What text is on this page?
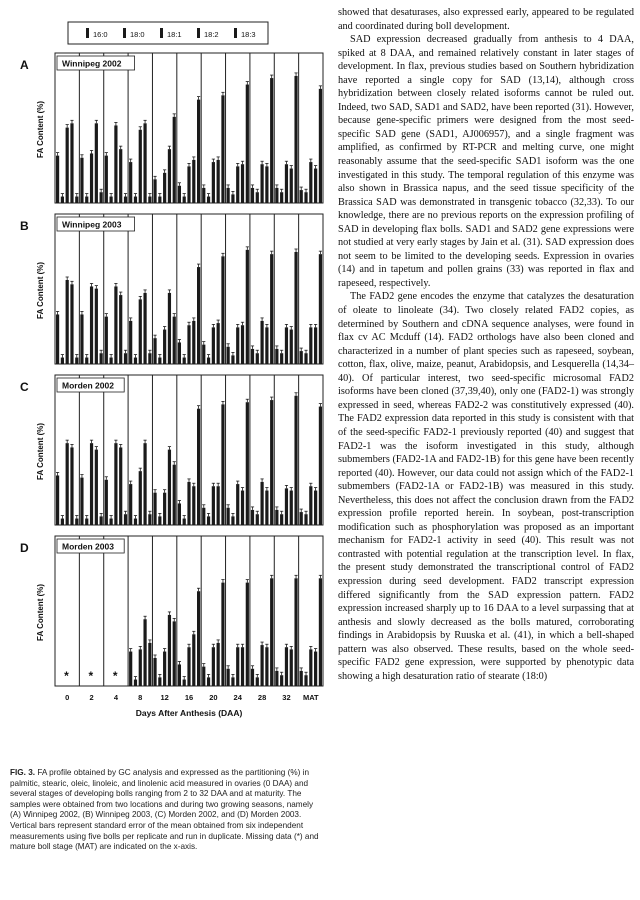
16:0	18:0	18:1	18:2	18:3
A	Winnipeg 2002
B	Winnipeg 2003
C	Morden 2002
D	Morden 2003
* * *
FA Content (%)
FA Content (%)
FA Content (%)
FA Content (%)
0	2	4	8 12 16 20 24 28 32 MAT
Days After Anthesis (DAA)
FIG. 3. FA profile obtained by GC analysis and expressed as the partitioning (%) in palmitic, stearic, oleic, linoleic, and linolenic acid measured in ovaries (0 DAA) and several stages of developing bolls ranging from 2 to 32 DAA and at maturity. The samples were obtained from two locations and during two growing seasons, namely (A) Winnipeg 2002, (B) Winnipeg 2003, (C) Morden 2002, and (D) Morden 2003. Vertical bars represent standard error of the mean obtained from six independent measurements using five bolls per replicate and run in duplicate. Missing data (*) and mature boll stage (MAT) are indicated on the x-axis.

showed that desaturases, also expressed early, appeared to be regulated and coordinated during boll development.

SAD expression decreased gradually from anthesis to 4 DAA, spiked at 8 DAA, and remained relatively constant in later stages of development. In flax, previous studies based on Southern hybridization have reported a single copy for SAD (13,14), although cross hybridization between closely related isoforms cannot be ruled out. Indeed, two SAD, SAD1 and SAD2, have been reported (31). However, because gene-specific primers were designed from the most seed-specific SAD gene (SAD1, AJ006957), and a single fragment was amplified, as confirmed by RT-PCR and melting curve, one might reasonably assume that the seed-specific SAD1 isoform was the one investigated in this study. The temporal regulation of this enzyme was also shown in Brassica napus, and the seed tissue specificity of the Brassica SAD was demonstrated in transgenic tobacco (32,33). To our knowledge, there are no previous reports on the expression profiling of SAD in developing flax bolls. SAD1 and SAD2 gene expressions were not studied at very early stages by Jain et al. (31). SAD expression does not seem to be limited to the developing seeds. Expression in ovaries (14) and in tapetum and pollen grains (33) was reported in flax and rapeseed, respectively.

The FAD2 gene encodes the enzyme that catalyzes the desaturation of oleate to linoleate (34). Two closely related FAD2 copies, as determined by Southern and cDNA sequence analyses, were found in flax cv AC Mcduff (14). FAD2 orthologs have also been cloned and characterized in a number of plant species such as rapeseed, soybean, cotton, flax, olive, maize, peanut, Arabidopsis, and Lesquerella (14,34–40). Of particular interest, two seed-specific microsomal FAD2 isoforms have been cloned (37,39,40), only one (FAD2-1) was strongly expressed in seed, whereas FAD2-2 was constitutively expressed (40). The FAD2 expression data reported in this study is consistent with that of the seed-specific FAD2-1 previously reported (40) and suggest that FAD2-1 was the isoform investigated in this study, although submembers (FAD2-1A and FAD2-1B) for this gene have been recently reported (40). However, our data could not assign which of the FAD2-1 submembers (FAD2-1A or FAD2-1B) was measured in this study. Nevertheless, this does not affect the conclusion drawn from the FAD2 expression profile reported herein. In soybean, post-transcription modification such as phosphorylation was proposed as an important mechanism for FAD2-1 activity in seed (40). This result was not contrasted with potential regulation at the transcription level. In flax, the present study demonstrated the transcriptional control of FAD2 expression during seed development. FAD2 transcript expression differed significantly from the SAD expression pattern. FAD2 expression increased sharply up to 16 DAA to a level surpassing that at anthesis and slowly decreased as the bolls matured, corroborating findings in Arabidopsis by Ruuska et al. (41), in which a bell-shaped pattern was also observed. These results, based on the whole seed-specific FAD2 gene expression, were supported by phenotypic data showing a high desaturation ratio of stearate (18:0)
